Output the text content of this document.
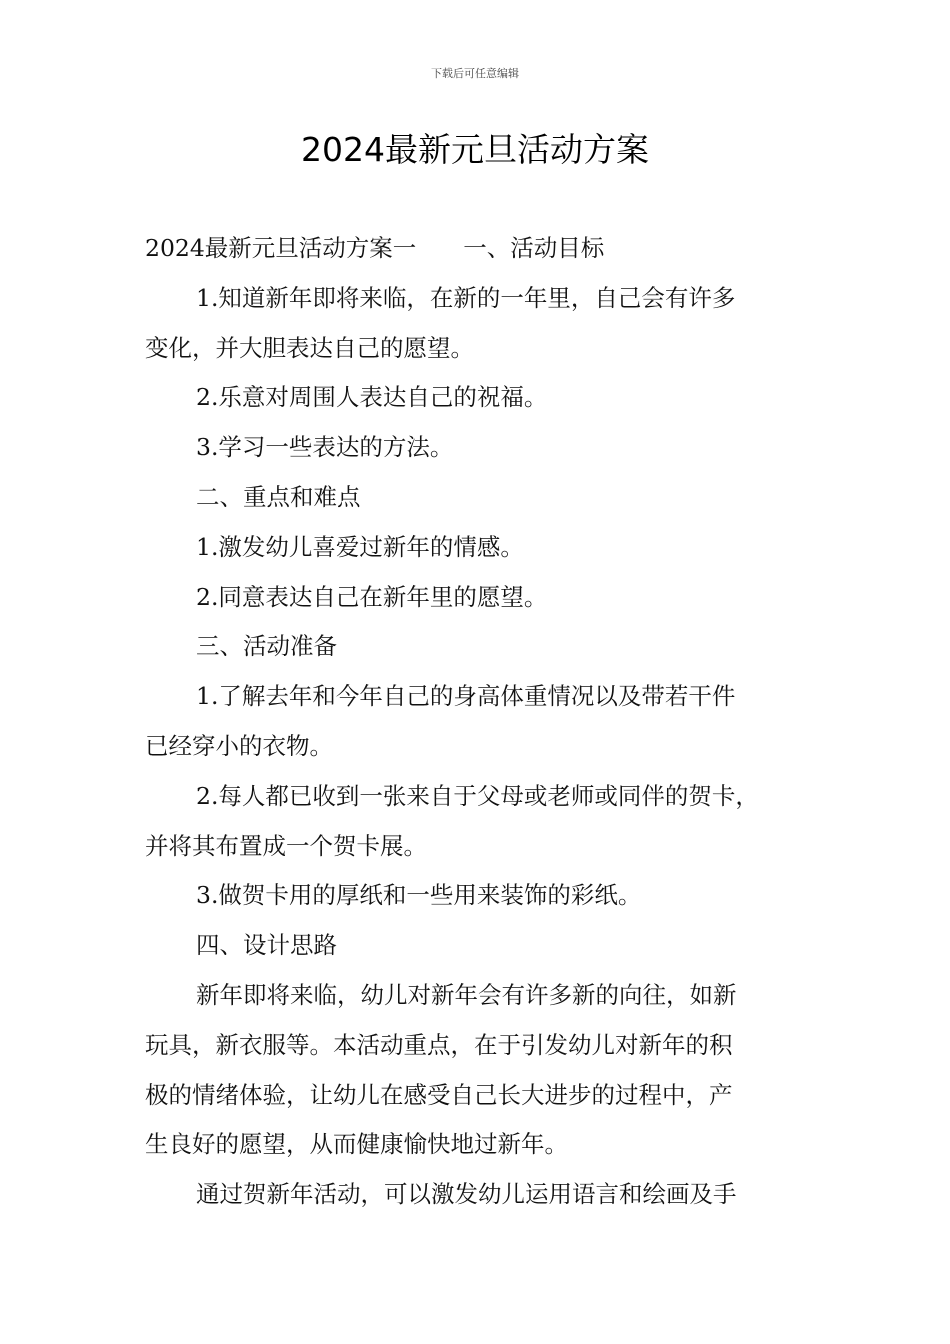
下载后可任意编辑
2024最新元旦活动方案

2024最新元旦活动方案一　　一、活动目标

1.知道新年即将来临，在新的一年里，自己会有许多

变化，并大胆表达自己的愿望。

2.乐意对周围人表达自己的祝福。

3.学习一些表达的方法。

二、重点和难点

1.激发幼儿喜爱过新年的情感。

2.同意表达自己在新年里的愿望。

三、活动准备

1.了解去年和今年自己的身高体重情况以及带若干件

已经穿小的衣物。

2.每人都已收到一张来自于父母或老师或同伴的贺卡，

并将其布置成一个贺卡展。

3.做贺卡用的厚纸和一些用来装饰的彩纸。

四、设计思路

新年即将来临，幼儿对新年会有许多新的向往，如新

玩具，新衣服等。本活动重点，在于引发幼儿对新年的积

极的情绪体验，让幼儿在感受自己长大进步的过程中，产

生良好的愿望，从而健康愉快地过新年。

通过贺新年活动，可以激发幼儿运用语言和绘画及手
